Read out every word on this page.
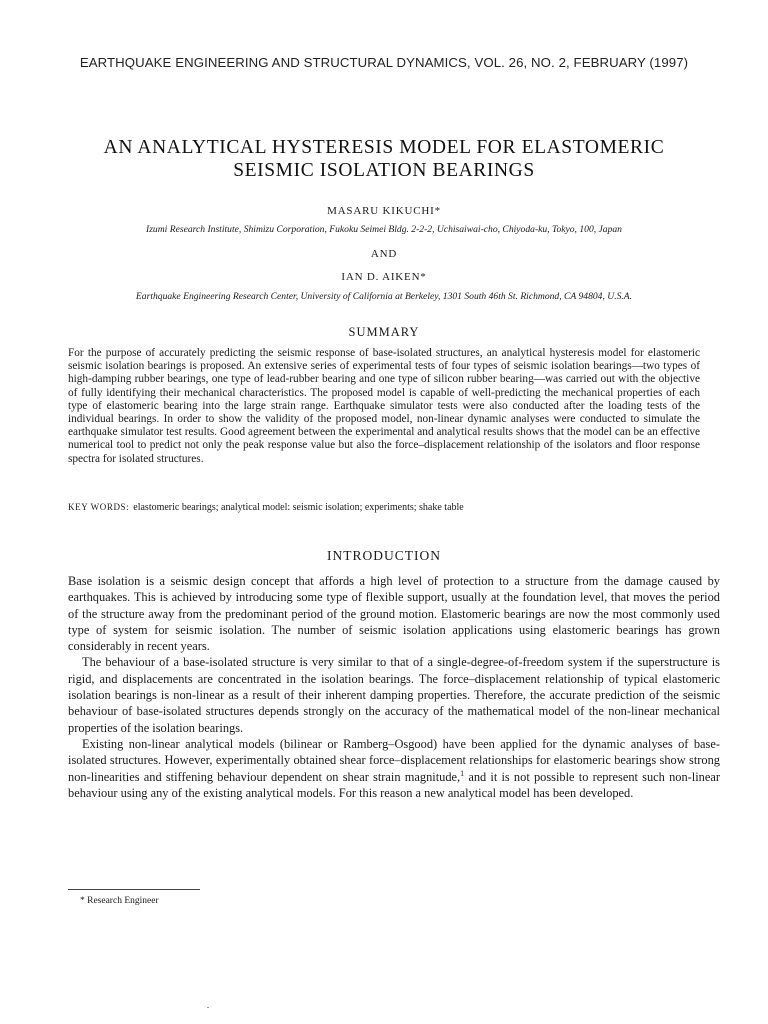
EARTHQUAKE ENGINEERING AND STRUCTURAL DYNAMICS, VOL. 26, NO. 2, FEBRUARY (1997)
AN ANALYTICAL HYSTERESIS MODEL FOR ELASTOMERIC
SEISMIC ISOLATION BEARINGS
MASARU KIKUCHI*
Izumi Research Institute, Shimizu Corporation, Fukoku Seimei Bldg. 2-2-2, Uchisaiwai-cho, Chiyoda-ku, Tokyo, 100, Japan
AND
IAN D. AIKEN*
Earthquake Engineering Research Center, University of California at Berkeley, 1301 South 46th St. Richmond, CA 94804, U.S.A.
SUMMARY

For the purpose of accurately predicting the seismic response of base-isolated structures, an analytical hysteresis model for elastomeric seismic isolation bearings is proposed. An extensive series of experimental tests of four types of seismic isolation bearings—two types of high-damping rubber bearings, one type of lead-rubber bearing and one type of silicon rubber bearing—was carried out with the objective of fully identifying their mechanical characteristics. The proposed model is capable of well-predicting the mechanical properties of each type of elastomeric bearing into the large strain range. Earthquake simulator tests were also conducted after the loading tests of the individual bearings. In order to show the validity of the proposed model, non-linear dynamic analyses were conducted to simulate the earthquake simulator test results. Good agreement between the experimental and analytical results shows that the model can be an effective numerical tool to predict not only the peak response value but also the force–displacement relationship of the isolators and floor response spectra for isolated structures.

KEY WORDS: elastomeric bearings; analytical model: seismic isolation; experiments; shake table

INTRODUCTION

Base isolation is a seismic design concept that affords a high level of protection to a structure from the damage caused by earthquakes. This is achieved by introducing some type of flexible support, usually at the foundation level, that moves the period of the structure away from the predominant period of the ground motion. Elastomeric bearings are now the most commonly used type of system for seismic isolation. The number of seismic isolation applications using elastomeric bearings has grown considerably in recent years.

The behaviour of a base-isolated structure is very similar to that of a single-degree-of-freedom system if the superstructure is rigid, and displacements are concentrated in the isolation bearings. The force–displacement relationship of typical elastomeric isolation bearings is non-linear as a result of their inherent damping properties. Therefore, the accurate prediction of the seismic behaviour of base-isolated structures depends strongly on the accuracy of the mathematical model of the non-linear mechanical properties of the isolation bearings.

Existing non-linear analytical models (bilinear or Ramberg–Osgood) have been applied for the dynamic analyses of base-isolated structures. However, experimentally obtained shear force–displacement relationships for elastomeric bearings show strong non-linearities and stiffening behaviour dependent on shear strain magnitude,$^1$ and it is not possible to represent such non-linear behaviour using any of the existing analytical models. For this reason a new analytical model has been developed.

* Research Engineer
